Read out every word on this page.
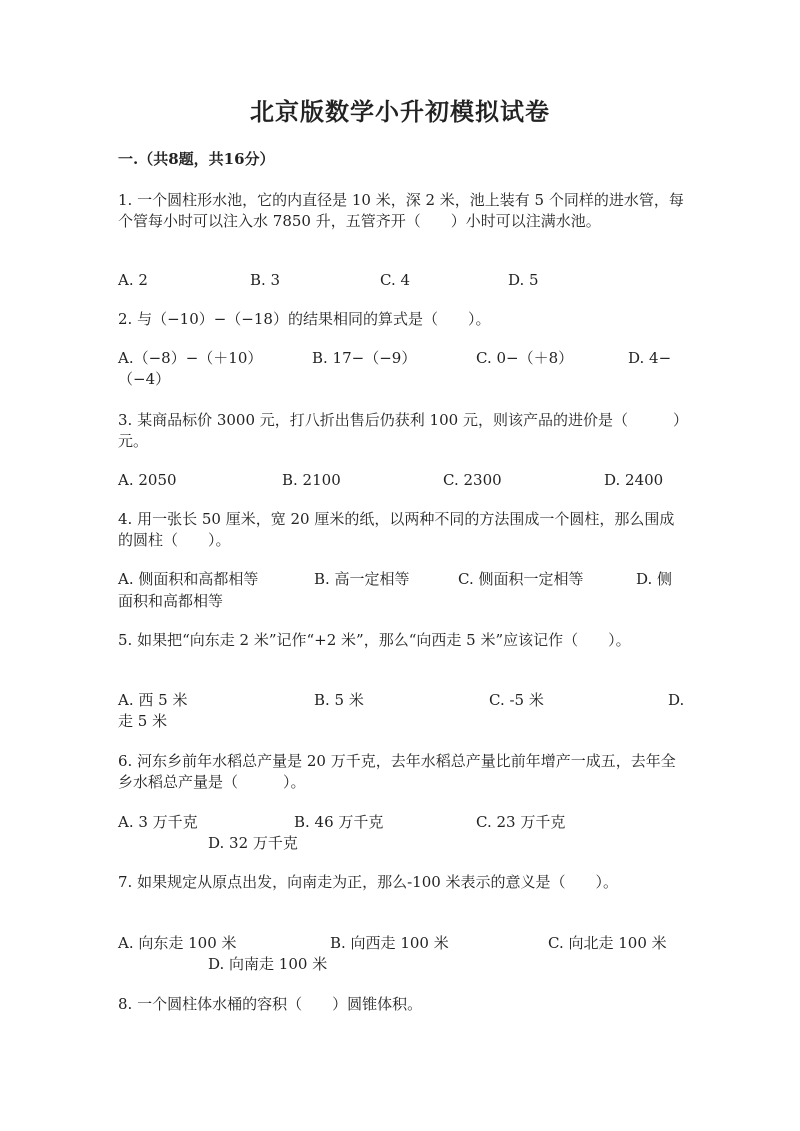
北京版数学小升初模拟试卷
一.（共8题，共16分）
1. 一个圆柱形水池，它的内直径是 10 米，深 2 米，池上装有 5 个同样的进水管，每个管每小时可以注入水 7850 升，五管齐开（　　）小时可以注满水池。
A. 2	B. 3	C. 4	D. 5
2. 与（−10）−（−18）的结果相同的算式是（　　）。
A.（−8）−（＋10）	B. 17−（−9）	C. 0−（＋8）	D. 4−
（−4）
3. 某商品标价 3000 元，打八折出售后仍获利 100 元，则该产品的进价是（　　　）元。
A. 2050	B. 2100	C. 2300	D. 2400
4. 用一张长 50 厘米，宽 20 厘米的纸，以两种不同的方法围成一个圆柱，那么围成的圆柱（　　）。
A. 侧面积和高都相等	B. 高一定相等	C. 侧面积一定相等	D. 侧
面积和高都相等
5. 如果把“向东走 2 米”记作“+2 米”，那么“向西走 5 米”应该记作（　　）。
A. 西 5 米	B. 5 米	C. -5 米	D.
走 5 米
6. 河东乡前年水稻总产量是 20 万千克，去年水稻总产量比前年增产一成五，去年全乡水稻总产量是（　　　）。
A. 3 万千克	B. 46 万千克	C. 23 万千克
D. 32 万千克
7. 如果规定从原点出发，向南走为正，那么-100 米表示的意义是（　　）。
A. 向东走 100 米	B. 向西走 100 米	C. 向北走 100 米
D. 向南走 100 米
8. 一个圆柱体水桶的容积（　　）圆锥体积。
